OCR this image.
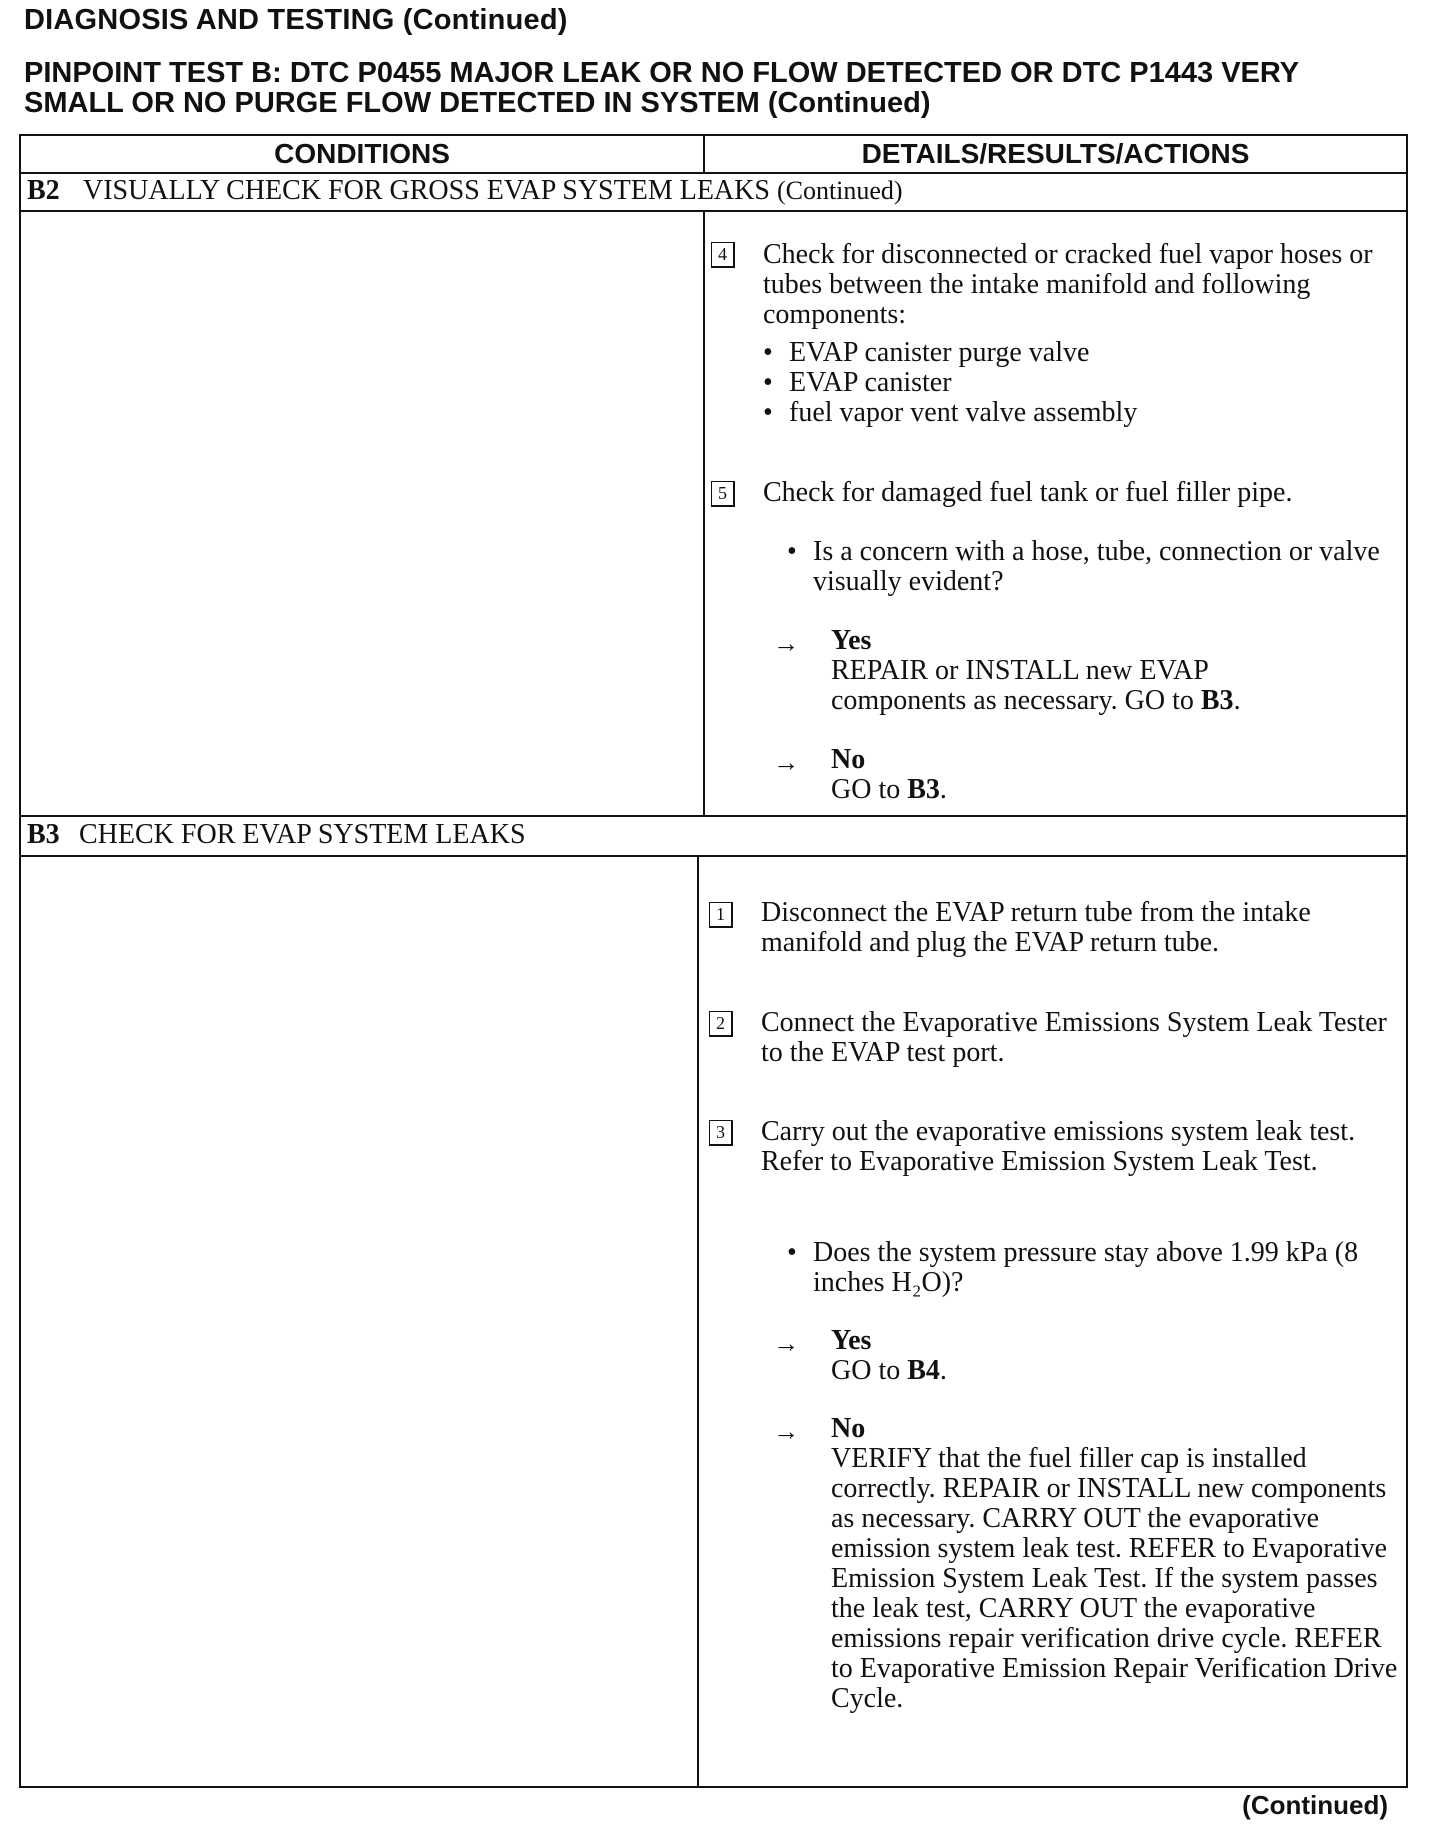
DIAGNOSIS AND TESTING (Continued)
PINPOINT TEST B: DTC P0455 MAJOR LEAK OR NO FLOW DETECTED OR DTC P1443 VERY
SMALL OR NO PURGE FLOW DETECTED IN SYSTEM (Continued)
CONDITIONS	DETAILS/RESULTS/ACTIONS
B2 VISUALLY CHECK FOR GROSS EVAP SYSTEM LEAKS (Continued)
4 Check for disconnected or cracked fuel vapor hoses or tubes between the intake manifold and following components:
• EVAP canister purge valve
• EVAP canister
• fuel vapor vent valve assembly
5 Check for damaged fuel tank or fuel filler pipe.
• Is a concern with a hose, tube, connection or valve visually evident?
→ Yes
REPAIR or INSTALL new EVAP components as necessary. GO to B3.
→ No
GO to B3.
B3 CHECK FOR EVAP SYSTEM LEAKS
1 Disconnect the EVAP return tube from the intake manifold and plug the EVAP return tube.
2 Connect the Evaporative Emissions System Leak Tester to the EVAP test port.
3 Carry out the evaporative emissions system leak test. Refer to Evaporative Emission System Leak Test.
• Does the system pressure stay above 1.99 kPa (8 inches H₂O)?
→ Yes
GO to B4.
→ No
VERIFY that the fuel filler cap is installed correctly. REPAIR or INSTALL new components as necessary. CARRY OUT the evaporative emission system leak test. REFER to Evaporative Emission System Leak Test. If the system passes the leak test, CARRY OUT the evaporative emissions repair verification drive cycle. REFER to Evaporative Emission Repair Verification Drive Cycle.
(Continued)
